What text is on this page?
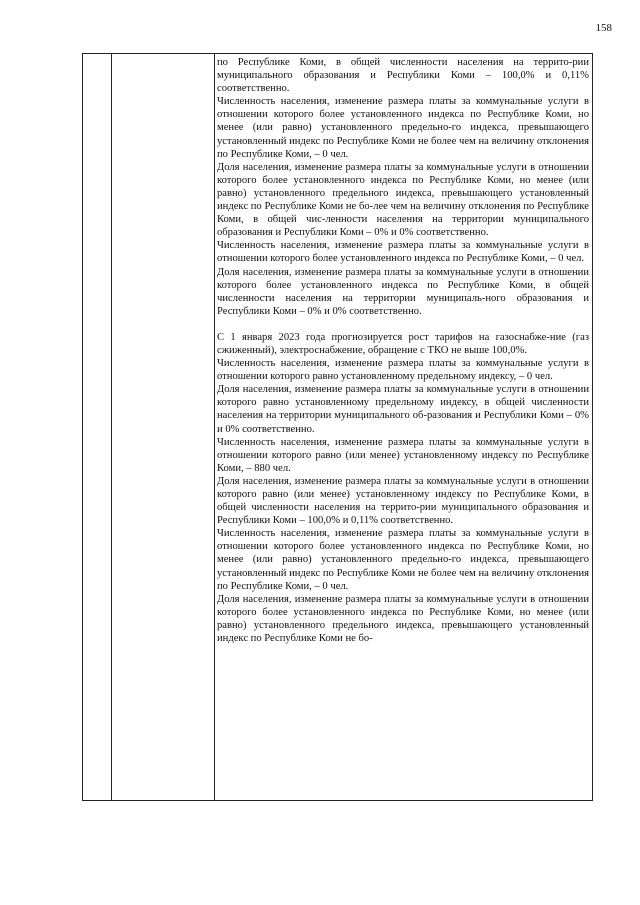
158

по Республике Коми, в общей численности населения на террито-рии муниципального образования и Республики Коми – 100,0% и 0,11% соответственно.

Численность населения, изменение размера платы за коммунальные услуги в отношении которого более установленного индекса по Республике Коми, но менее (или равно) установленного предельно-го индекса, превышающего установленный индекс по Республике Коми не более чем на величину отклонения по Республике Коми, – 0 чел.

Доля населения, изменение размера платы за коммунальные услуги в отношении которого более установленного индекса по Республике Коми, но менее (или равно) установленного предельного индекса, превышающего установленный индекс по Республике Коми не бо-лее чем на величину отклонения по Республике Коми, в общей чис-ленности населения на территории муниципального образования и Республики Коми – 0% и 0% соответственно.

Численность населения, изменение размера платы за коммунальные услуги в отношении которого более установленного индекса по Республике Коми, – 0 чел.

Доля населения, изменение размера платы за коммунальные услуги в отношении которого более установленного индекса по Республике Коми, в общей численности населения на территории муниципаль-ного образования и Республики Коми – 0% и 0% соответственно.

С 1 января 2023 года прогнозируется рост тарифов на газоснабже-ние (газ сжиженный), электроснабжение, обращение с ТКО не выше 100,0%.

Численность населения, изменение размера платы за коммунальные услуги в отношении которого равно установленному предельному индексу, – 0 чел.

Доля населения, изменение размера платы за коммунальные услуги в отношении которого равно установленному предельному индексу, в общей численности населения на территории муниципального об-разования и Республики Коми – 0% и 0% соответственно.

Численность населения, изменение размера платы за коммунальные услуги в отношении которого равно (или менее) установленному индексу по Республике Коми, – 880 чел.

Доля населения, изменение размера платы за коммунальные услуги в отношении которого равно (или менее) установленному индексу по Республике Коми, в общей численности населения на террито-рии муниципального образования и Республики Коми – 100,0% и 0,11% соответственно.

Численность населения, изменение размера платы за коммунальные услуги в отношении которого более установленного индекса по Республике Коми, но менее (или равно) установленного предельно-го индекса, превышающего установленный индекс по Республике Коми не более чем на величину отклонения по Республике Коми, – 0 чел.

Доля населения, изменение размера платы за коммунальные услуги в отношении которого более установленного индекса по Республике Коми, но менее (или равно) установленного предельного индекса, превышающего установленный индекс по Республике Коми не бо-
